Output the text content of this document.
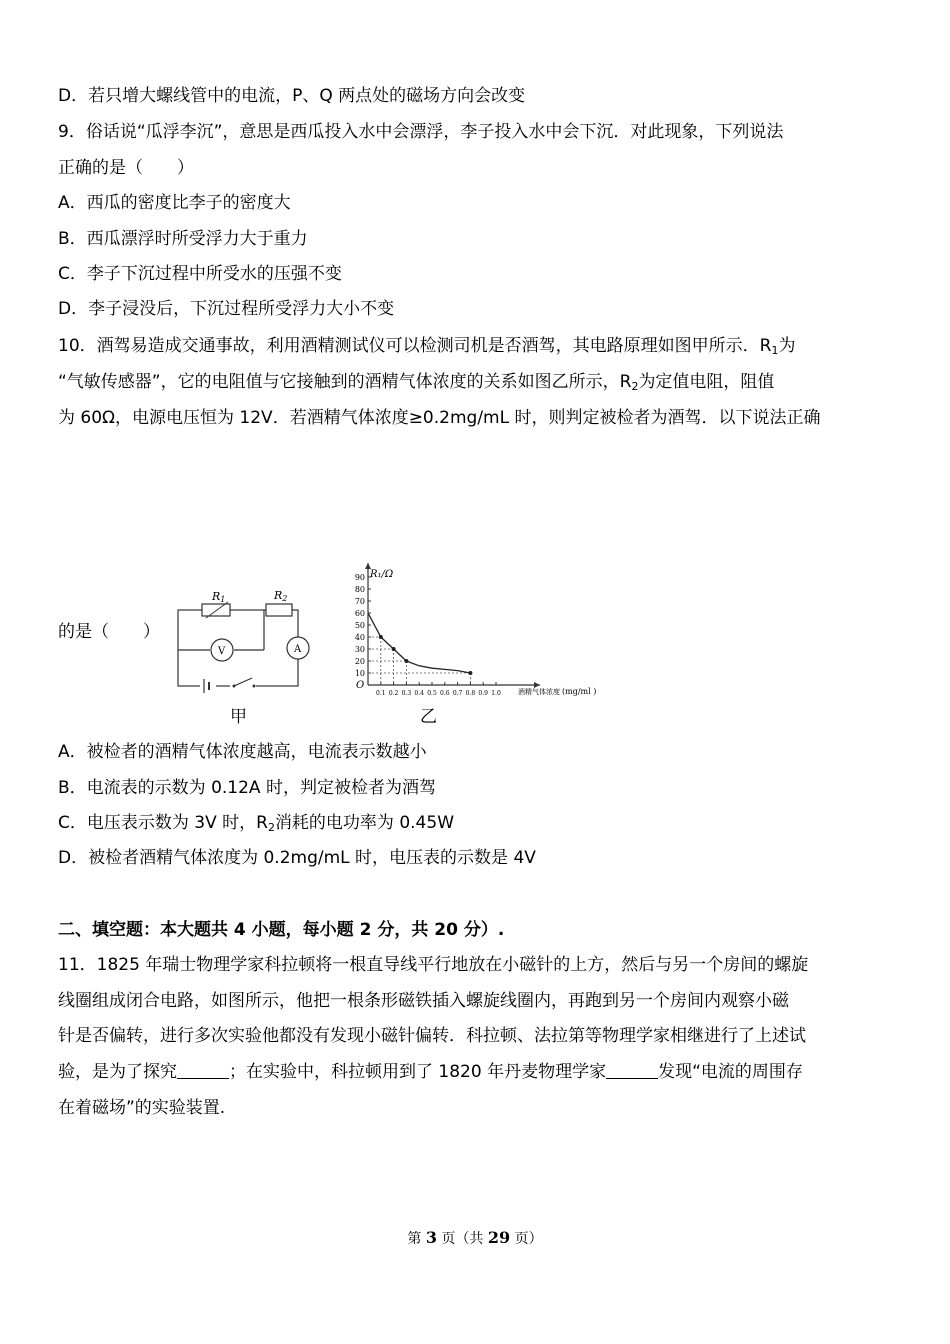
D．若只增大螺线管中的电流，P、Q 两点处的磁场方向会改变
9．俗话说“瓜浮李沉”，意思是西瓜投入水中会漂浮，李子投入水中会下沉．对此现象，下列说法
正确的是（　　）
A．西瓜的密度比李子的密度大
B．西瓜漂浮时所受浮力大于重力
C．李子下沉过程中所受水的压强不变
D．李子浸没后，下沉过程所受浮力大小不变
10．酒驾易造成交通事故，利用酒精测试仪可以检测司机是否酒驾，其电路原理如图甲所示．$R_1$为
“气敏传感器”，它的电阻值与它接触到的酒精气体浓度的关系如图乙所示，$R_2$为定值电阻，阻值
为 60Ω，电源电压恒为 12V．若酒精气体浓度≥0.2mg/mL 时，则判定被检者为酒驾．以下说法正确
的是（　　）
R1	R2
V	A
甲
10
20
30
40
50
60
70
80
90
0.1 0.2 0.3 0.4 0.5 0.6 0.7 0.8 0.9 1.0
R₁/Ω
O
酒精气体浓度 (mg/ml )
乙
A．被检者的酒精气体浓度越高，电流表示数越小
B．电流表的示数为 0.12A 时，判定被检者为酒驾
C．电压表示数为 3V 时，$R_2$消耗的电功率为 0.45W
D．被检者酒精气体浓度为 0.2mg/mL 时，电压表的示数是 4V
二、填空题：本大题共 4 小题，每小题 2 分，共 20 分）.
11．1825 年瑞士物理学家科拉顿将一根直导线平行地放在小磁针的上方，然后与另一个房间的螺旋
线圈组成闭合电路，如图所示，他把一根条形磁铁插入螺旋线圈内，再跑到另一个房间内观察小磁
针是否偏转，进行多次实验他都没有发现小磁针偏转．科拉顿、法拉第等物理学家相继进行了上述试
验，是为了探究	；在实验中，科拉顿用到了 1820 年丹麦物理学家	发现“电流的周围存
在着磁场”的实验装置.
第 3 页（共 29 页）
